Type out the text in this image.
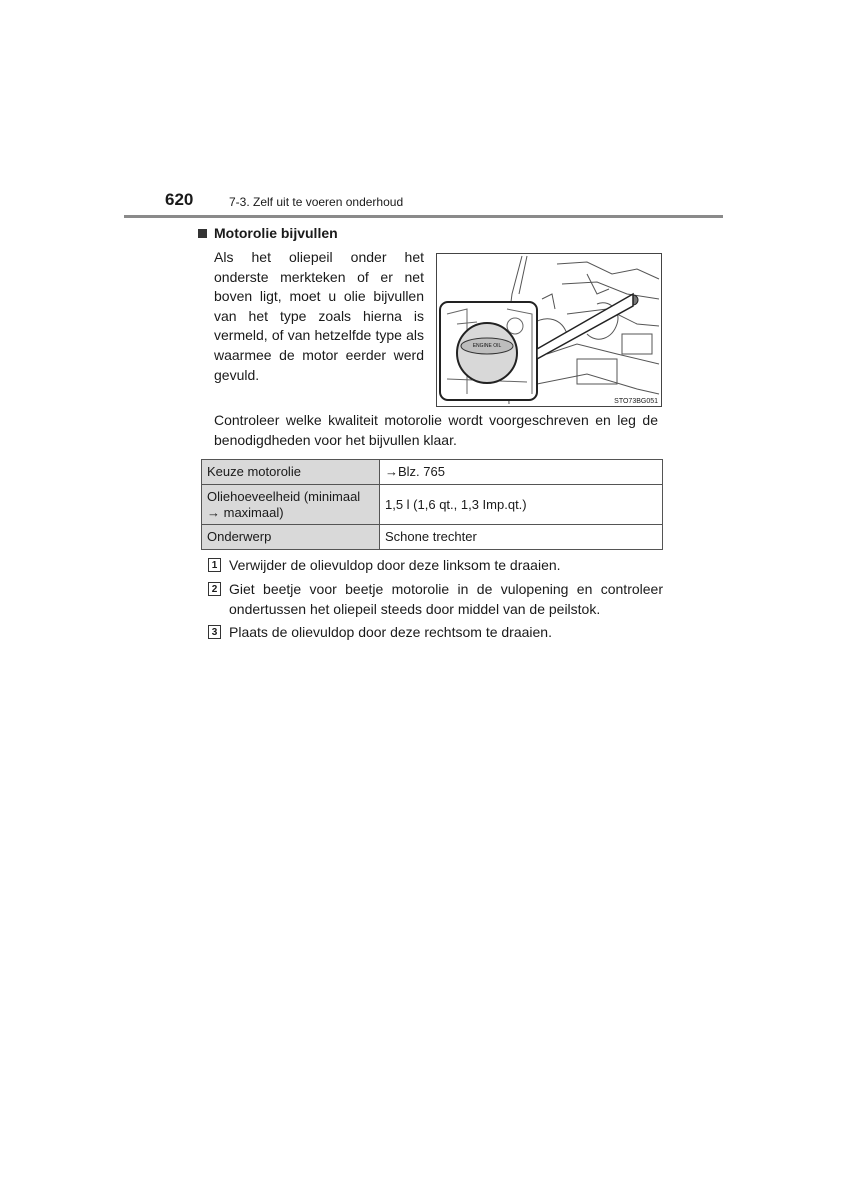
620	7-3. Zelf uit te voeren onderhoud
Motorolie bijvullen
Als het oliepeil onder het onderste merkteken of er net boven ligt, moet u olie bijvullen van het type zoals hierna is vermeld, of van hetzelfde type als waarmee de motor eerder werd gevuld.
ENGINE OIL
STO73BG051
Controleer welke kwaliteit motorolie wordt voorgeschreven en leg de benodigdheden voor het bijvullen klaar.
Keuze motorolie	→Blz. 765
Oliehoeveelheid (minimaal → maximaal)	1,5 l (1,6 qt., 1,3 Imp.qt.)
Onderwerp	Schone trechter
1 Verwijder de olievuldop door deze linksom te draaien.
2 Giet beetje voor beetje motorolie in de vulopening en controleer ondertussen het oliepeil steeds door middel van de peilstok.
3 Plaats de olievuldop door deze rechtsom te draaien.
